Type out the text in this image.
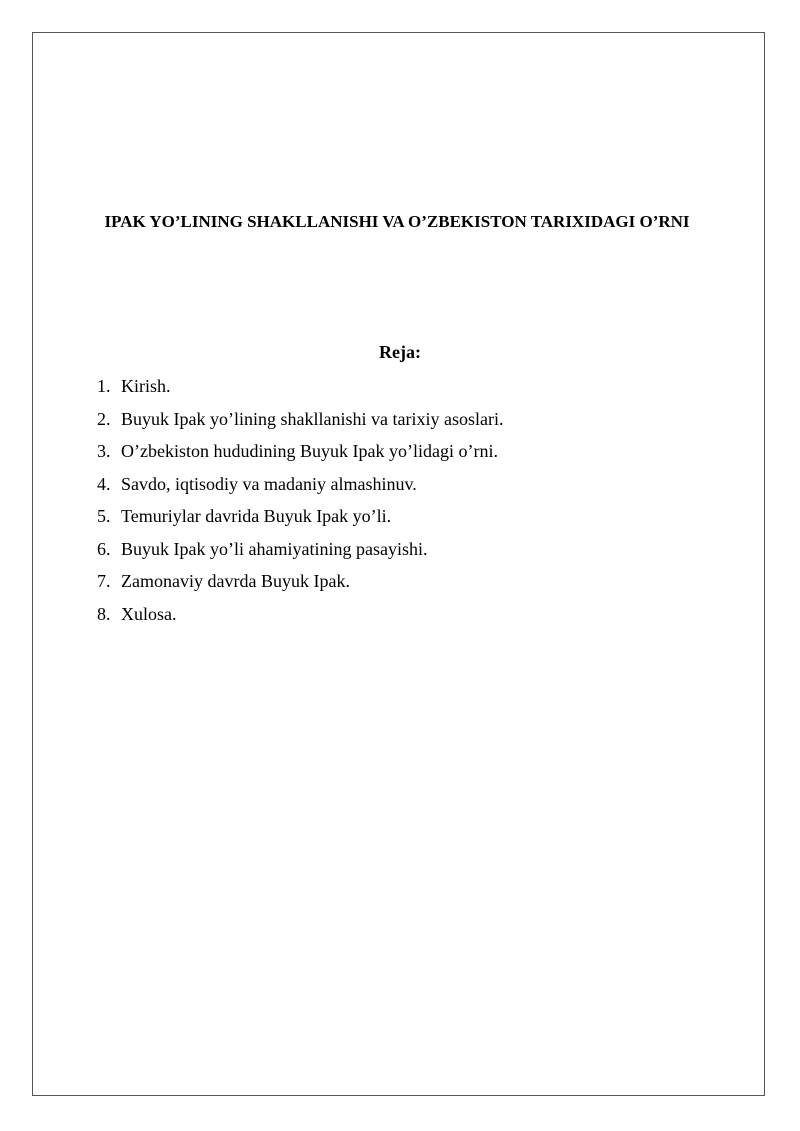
IPAK YO’LINING SHAKLLANISHI VA O’ZBEKISTON TARIXIDAGI O’RNI
Reja:
1. Kirish.
2. Buyuk Ipak yo’lining shakllanishi va tarixiy asoslari.
3. O’zbekiston hududining Buyuk Ipak yo’lidagi o’rni.
4. Savdo, iqtisodiy va madaniy almashinuv.
5. Temuriylar davrida Buyuk Ipak yo’li.
6. Buyuk Ipak yo’li ahamiyatining pasayishi.
7. Zamonaviy davrda Buyuk Ipak.
8. Xulosa.
